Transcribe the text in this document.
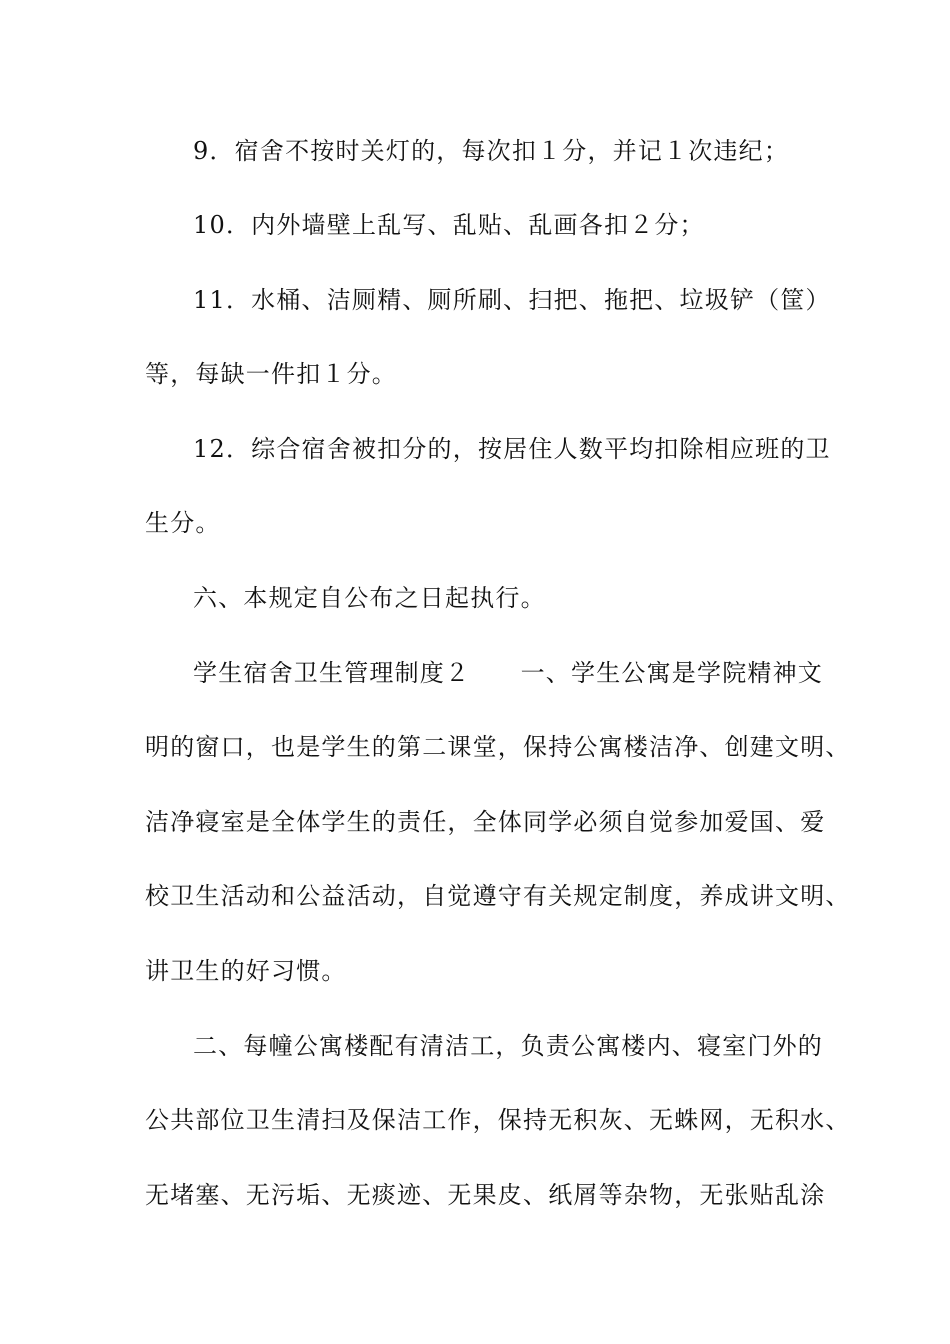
9．宿舍不按时关灯的，每次扣１分，并记１次违纪；
10．内外墙壁上乱写、乱贴、乱画各扣２分；
11．水桶、洁厕精、厕所刷、扫把、拖把、垃圾铲（筐）
等，每缺一件扣１分。
12．综合宿舍被扣分的，按居住人数平均扣除相应班的卫
生分。
六、本规定自公布之日起执行。
学生宿舍卫生管理制度２　　一、学生公寓是学院精神文
明的窗口，也是学生的第二课堂，保持公寓楼洁净、创建文明、
洁净寝室是全体学生的责任，全体同学必须自觉参加爱国、爱
校卫生活动和公益活动，自觉遵守有关规定制度，养成讲文明、
讲卫生的好习惯。
二、每幢公寓楼配有清洁工，负责公寓楼内、寝室门外的
公共部位卫生清扫及保洁工作，保持无积灰、无蛛网，无积水、
无堵塞、无污垢、无痰迹、无果皮、纸屑等杂物，无张贴乱涂
